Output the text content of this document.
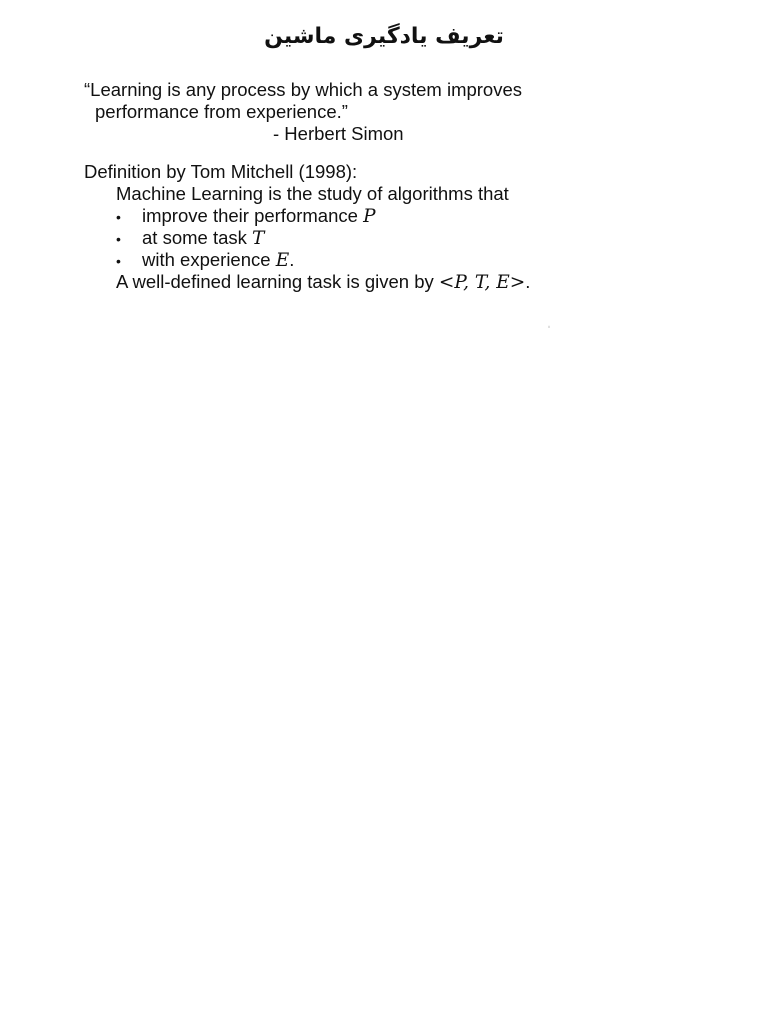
تعریف یادگیری ماشین
“Learning is any process by which a system improves
performance from experience.”
- Herbert Simon
Definition by Tom Mitchell (1998):
Machine Learning is the study of algorithms that
•	improve their performance P
•	at some task T
•	with experience E.
A well-defined learning task is given by <P, T, E>.
